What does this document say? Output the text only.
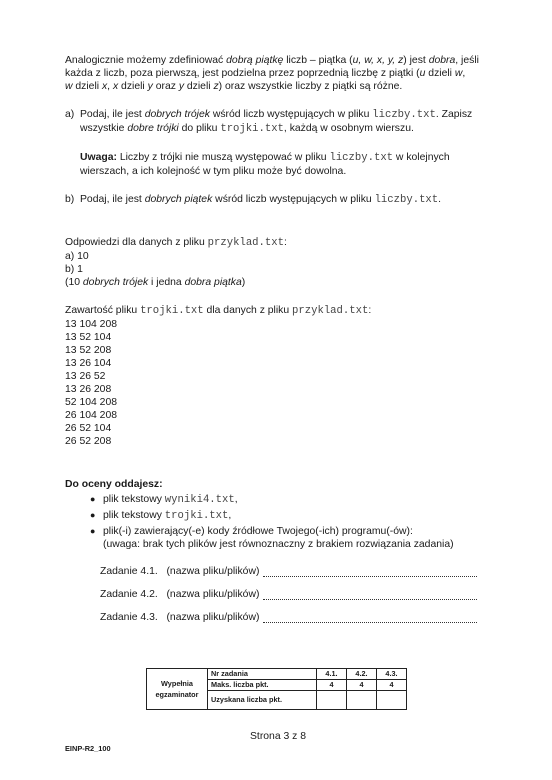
Analogicznie możemy zdefiniować dobrą piątkę liczb – piątka (u, w, x, y, z) jest dobra, jeśli
każda z liczb, poza pierwszą, jest podzielna przez poprzednią liczbę z piątki (u dzieli w,
w dzieli x, x dzieli y oraz y dzieli z) oraz wszystkie liczby z piątki są różne.
a) Podaj, ile jest dobrych trójek wśród liczb występujących w pliku liczby.txt. Zapisz
wszystkie dobre trójki do pliku trojki.txt, każdą w osobnym wierszu.
Uwaga: Liczby z trójki nie muszą występować w pliku liczby.txt w kolejnych
wierszach, a ich kolejność w tym pliku może być dowolna.
b) Podaj, ile jest dobrych piątek wśród liczb występujących w pliku liczby.txt.
Odpowiedzi dla danych z pliku przyklad.txt:
a) 10
b) 1
(10 dobrych trójek i jedna dobra piątka)
Zawartość pliku trojki.txt dla danych z pliku przyklad.txt:
13 104 208
13 52 104
13 52 208
13 26 104
13 26 52
13 26 208
52 104 208
26 104 208
26 52 104
26 52 208
Do oceny oddajesz:
● plik tekstowy wyniki4.txt,
● plik tekstowy trojki.txt,
● plik(-i) zawierający(-e) kody źródłowe Twojego(-ich) programu(-ów):
(uwaga: brak tych plików jest równoznaczny z brakiem rozwiązania zadania)
Zadanie 4.1. (nazwa pliku/plików)
Zadanie 4.2. (nazwa pliku/plików)
Zadanie 4.3. (nazwa pliku/plików)
Wypełnia
egzaminator	Nr zadania	4.1.	4.2.	4.3.
	Maks. liczba pkt.	4	4	4
	Uzyskana liczba pkt.			
Strona 3 z 8
EINP-R2_100
